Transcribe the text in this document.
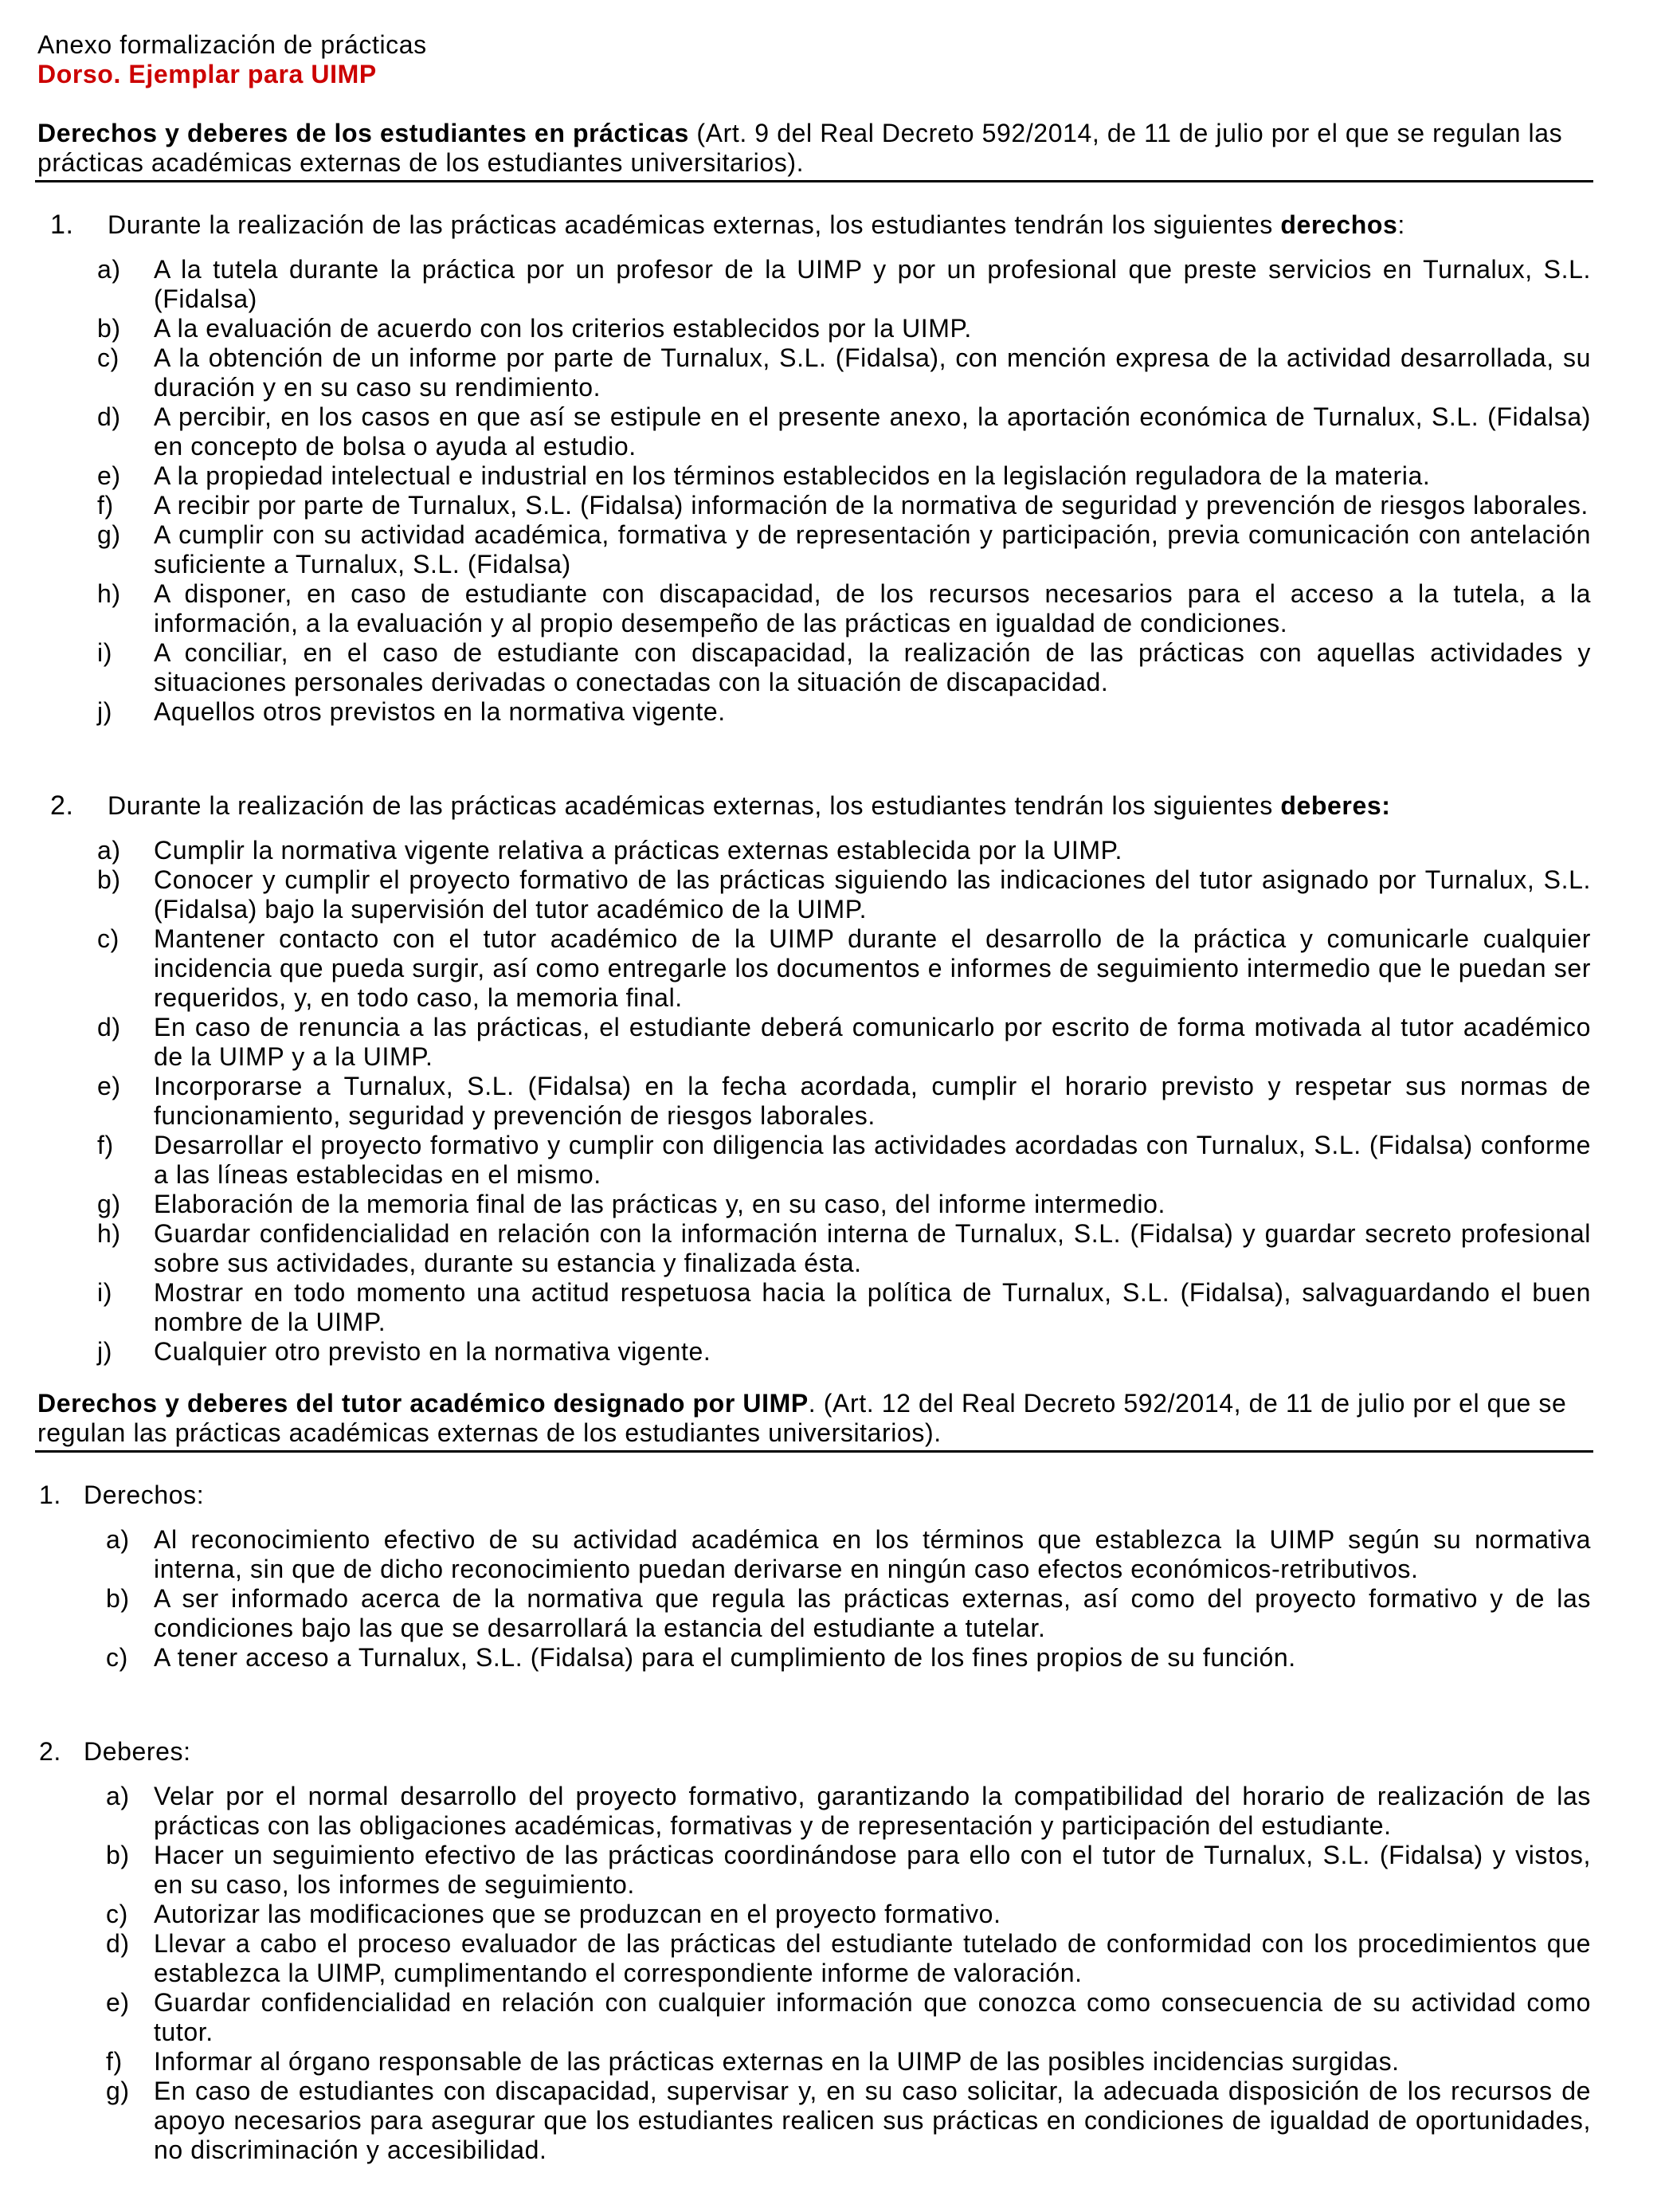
Anexo formalización de prácticas
Dorso. Ejemplar para UIMP
Derechos y deberes de los estudiantes en prácticas (Art. 9 del Real Decreto 592/2014, de 11 de julio por el que se regulan las prácticas académicas externas de los estudiantes universitarios).
1. Durante la realización de las prácticas académicas externas, los estudiantes tendrán los siguientes derechos:
a) A la tutela durante la práctica por un profesor de la UIMP y por un profesional que preste servicios en Turnalux, S.L. (Fidalsa)
b) A la evaluación de acuerdo con los criterios establecidos por la UIMP.
c) A la obtención de un informe por parte de Turnalux, S.L. (Fidalsa), con mención expresa de la actividad desarrollada, su duración y en su caso su rendimiento.
d) A percibir, en los casos en que así se estipule en el presente anexo, la aportación económica de Turnalux, S.L. (Fidalsa) en concepto de bolsa o ayuda al estudio.
e) A la propiedad intelectual e industrial en los términos establecidos en la legislación reguladora de la materia.
f) A recibir por parte de Turnalux, S.L. (Fidalsa) información de la normativa de seguridad y prevención de riesgos laborales.
g) A cumplir con su actividad académica, formativa y de representación y participación, previa comunicación con antelación suficiente a Turnalux, S.L. (Fidalsa)
h) A disponer, en caso de estudiante con discapacidad, de los recursos necesarios para el acceso a la tutela, a la información, a la evaluación y al propio desempeño de las prácticas en igualdad de condiciones.
i) A conciliar, en el caso de estudiante con discapacidad, la realización de las prácticas con aquellas actividades y situaciones personales derivadas o conectadas con la situación de discapacidad.
j) Aquellos otros previstos en la normativa vigente.
2. Durante la realización de las prácticas académicas externas, los estudiantes tendrán los siguientes deberes:
a) Cumplir la normativa vigente relativa a prácticas externas establecida por la UIMP.
b) Conocer y cumplir el proyecto formativo de las prácticas siguiendo las indicaciones del tutor asignado por Turnalux, S.L. (Fidalsa) bajo la supervisión del tutor académico de la UIMP.
c) Mantener contacto con el tutor académico de la UIMP durante el desarrollo de la práctica y comunicarle cualquier incidencia que pueda surgir, así como entregarle los documentos e informes de seguimiento intermedio que le puedan ser requeridos, y, en todo caso, la memoria final.
d) En caso de renuncia a las prácticas, el estudiante deberá comunicarlo por escrito de forma motivada al tutor académico de la UIMP y a la UIMP.
e) Incorporarse a Turnalux, S.L. (Fidalsa) en la fecha acordada, cumplir el horario previsto y respetar sus normas de funcionamiento, seguridad y prevención de riesgos laborales.
f) Desarrollar el proyecto formativo y cumplir con diligencia las actividades acordadas con Turnalux, S.L. (Fidalsa) conforme a las líneas establecidas en el mismo.
g) Elaboración de la memoria final de las prácticas y, en su caso, del informe intermedio.
h) Guardar confidencialidad en relación con la información interna de Turnalux, S.L. (Fidalsa) y guardar secreto profesional sobre sus actividades, durante su estancia y finalizada ésta.
i) Mostrar en todo momento una actitud respetuosa hacia la política de Turnalux, S.L. (Fidalsa), salvaguardando el buen nombre de la UIMP.
j) Cualquier otro previsto en la normativa vigente.
Derechos y deberes del tutor académico designado por UIMP. (Art. 12 del Real Decreto 592/2014, de 11 de julio por el que se regulan las prácticas académicas externas de los estudiantes universitarios).
1. Derechos:
a) Al reconocimiento efectivo de su actividad académica en los términos que establezca la UIMP según su normativa interna, sin que de dicho reconocimiento puedan derivarse en ningún caso efectos económicos-retributivos.
b) A ser informado acerca de la normativa que regula las prácticas externas, así como del proyecto formativo y de las condiciones bajo las que se desarrollará la estancia del estudiante a tutelar.
c) A tener acceso a Turnalux, S.L. (Fidalsa) para el cumplimiento de los fines propios de su función.
2. Deberes:
a) Velar por el normal desarrollo del proyecto formativo, garantizando la compatibilidad del horario de realización de las prácticas con las obligaciones académicas, formativas y de representación y participación del estudiante.
b) Hacer un seguimiento efectivo de las prácticas coordinándose para ello con el tutor de Turnalux, S.L. (Fidalsa) y vistos, en su caso, los informes de seguimiento.
c) Autorizar las modificaciones que se produzcan en el proyecto formativo.
d) Llevar a cabo el proceso evaluador de las prácticas del estudiante tutelado de conformidad con los procedimientos que establezca la UIMP, cumplimentando el correspondiente informe de valoración.
e) Guardar confidencialidad en relación con cualquier información que conozca como consecuencia de su actividad como tutor.
f) Informar al órgano responsable de las prácticas externas en la UIMP de las posibles incidencias surgidas.
g) En caso de estudiantes con discapacidad, supervisar y, en su caso solicitar, la adecuada disposición de los recursos de apoyo necesarios para asegurar que los estudiantes realicen sus prácticas en condiciones de igualdad de oportunidades, no discriminación y accesibilidad.
